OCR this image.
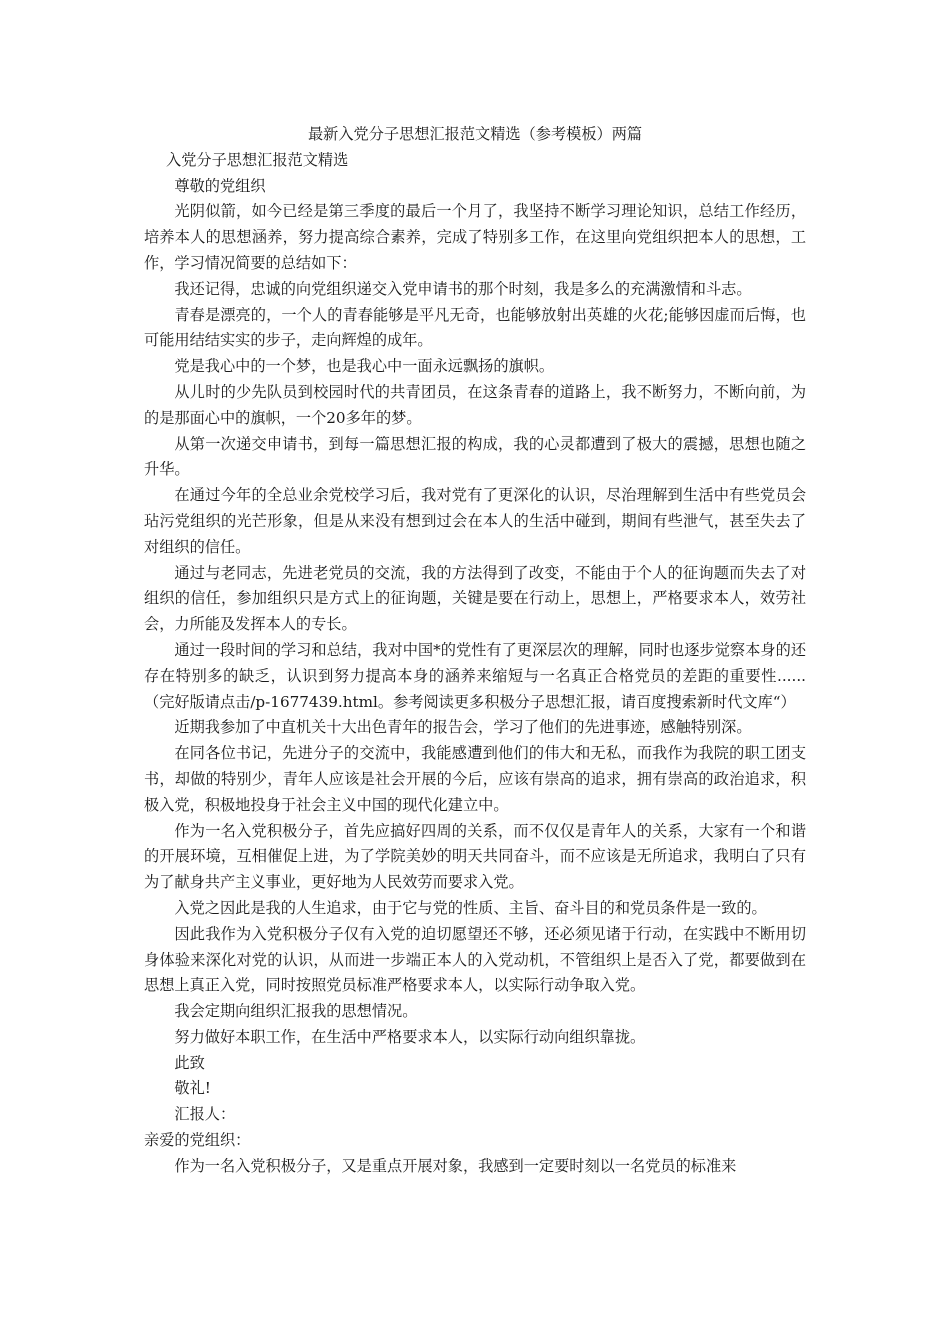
最新入党分子思想汇报范文精选（参考模板）两篇

入党分子思想汇报范文精选

尊敬的党组织

光阴似箭，如今已经是第三季度的最后一个月了，我坚持不断学习理论知识，总结工作经历，培养本人的思想涵养，努力提高综合素养，完成了特别多工作，在这里向党组织把本人的思想，工作，学习情况简要的总结如下：

我还记得，忠诚的向党组织递交入党申请书的那个时刻，我是多么的充满激情和斗志。

青春是漂亮的，一个人的青春能够是平凡无奇，也能够放射出英雄的火花;能够因虚而后悔，也可能用结结实实的步子，走向辉煌的成年。

党是我心中的一个梦，也是我心中一面永远飘扬的旗帜。

从儿时的少先队员到校园时代的共青团员，在这条青春的道路上，我不断努力，不断向前，为的是那面心中的旗帜，一个20多年的梦。

从第一次递交申请书，到每一篇思想汇报的构成，我的心灵都遭到了极大的震撼，思想也随之升华。

在通过今年的全总业余党校学习后，我对党有了更深化的认识，尽治理解到生活中有些党员会玷污党组织的光芒形象，但是从来没有想到过会在本人的生活中碰到，期间有些泄气，甚至失去了对组织的信任。

通过与老同志，先进老党员的交流，我的方法得到了改变，不能由于个人的征询题而失去了对组织的信任，参加组织只是方式上的征询题，关键是要在行动上，思想上，严格要求本人，效劳社会，力所能及发挥本人的专长。

通过一段时间的学习和总结，我对中国*的党性有了更深层次的理解，同时也逐步觉察本身的还存在特别多的缺乏，认识到努力提高本身的涵养来缩短与一名真正合格党员的差距的重要性......（完好版请点击/p-1677439.html。参考阅读更多积极分子思想汇报，请百度搜索新时代文库“）

近期我参加了中直机关十大出色青年的报告会，学习了他们的先进事迹，感触特别深。

在同各位书记，先进分子的交流中，我能感遭到他们的伟大和无私，而我作为我院的职工团支书，却做的特别少，青年人应该是社会开展的今后，应该有崇高的追求，拥有崇高的政治追求，积极入党，积极地投身于社会主义中国的现代化建立中。

作为一名入党积极分子，首先应搞好四周的关系，而不仅仅是青年人的关系，大家有一个和谐的开展环境，互相催促上进，为了学院美妙的明天共同奋斗，而不应该是无所追求，我明白了只有为了献身共产主义事业，更好地为人民效劳而要求入党。

入党之因此是我的人生追求，由于它与党的性质、主旨、奋斗目的和党员条件是一致的。

因此我作为入党积极分子仅有入党的迫切愿望还不够，还必须见诸于行动，在实践中不断用切身体验来深化对党的认识，从而进一步端正本人的入党动机，不管组织上是否入了党，都要做到在思想上真正入党，同时按照党员标准严格要求本人，以实际行动争取入党。

我会定期向组织汇报我的思想情况。

努力做好本职工作，在生活中严格要求本人，以实际行动向组织靠拢。

此致

敬礼!

汇报人：

亲爱的党组织：

作为一名入党积极分子，又是重点开展对象，我感到一定要时刻以一名党员的标准来
